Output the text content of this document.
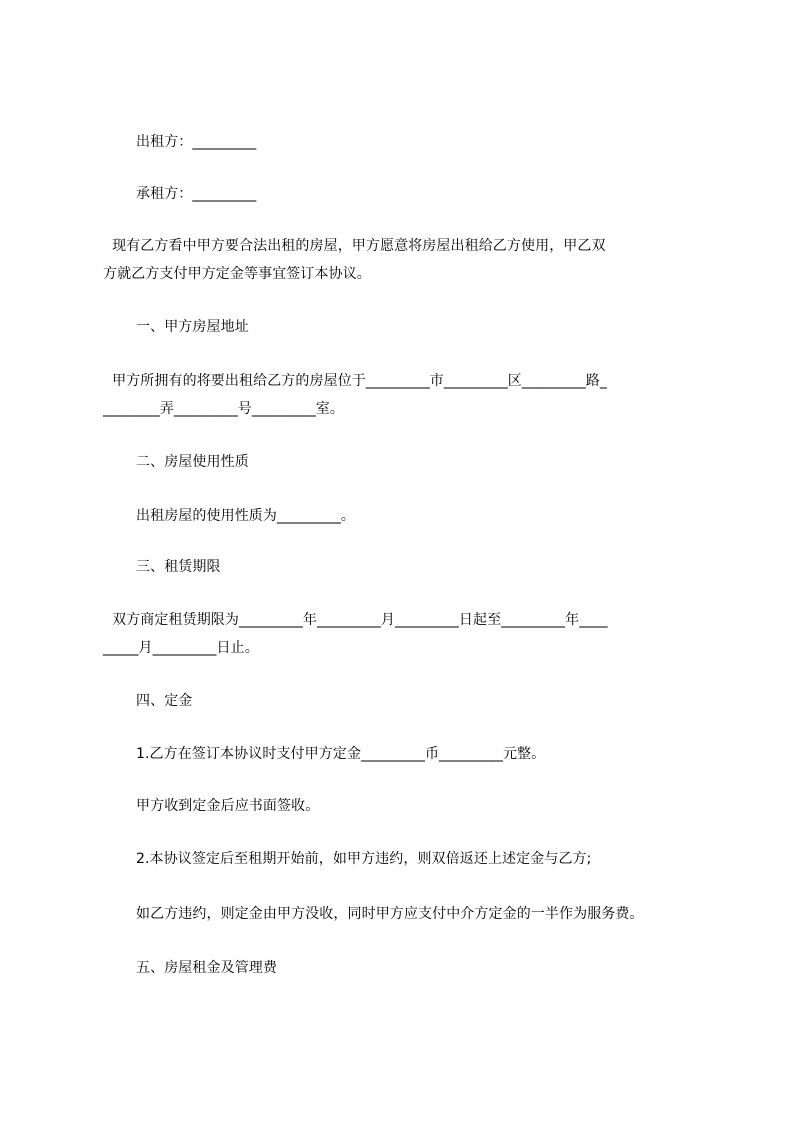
出租方：_________

承租方：_________

现有乙方看中甲方要合法出租的房屋，甲方愿意将房屋出租给乙方使用，甲乙双

方就乙方支付甲方定金等事宜签订本协议。

一、甲方房屋地址

甲方所拥有的将要出租给乙方的房屋位于_________市_________区_________路_

________弄_________号_________室。

二、房屋使用性质

出租房屋的使用性质为_________。

三、租赁期限

双方商定租赁期限为_________年_________月_________日起至_________年____

_____月_________日止。

四、定金

1.乙方在签订本协议时支付甲方定金_________币_________元整。

甲方收到定金后应书面签收。

2.本协议签定后至租期开始前，如甲方违约，则双倍返还上述定金与乙方;

如乙方违约，则定金由甲方没收，同时甲方应支付中介方定金的一半作为服务费。

五、房屋租金及管理费
